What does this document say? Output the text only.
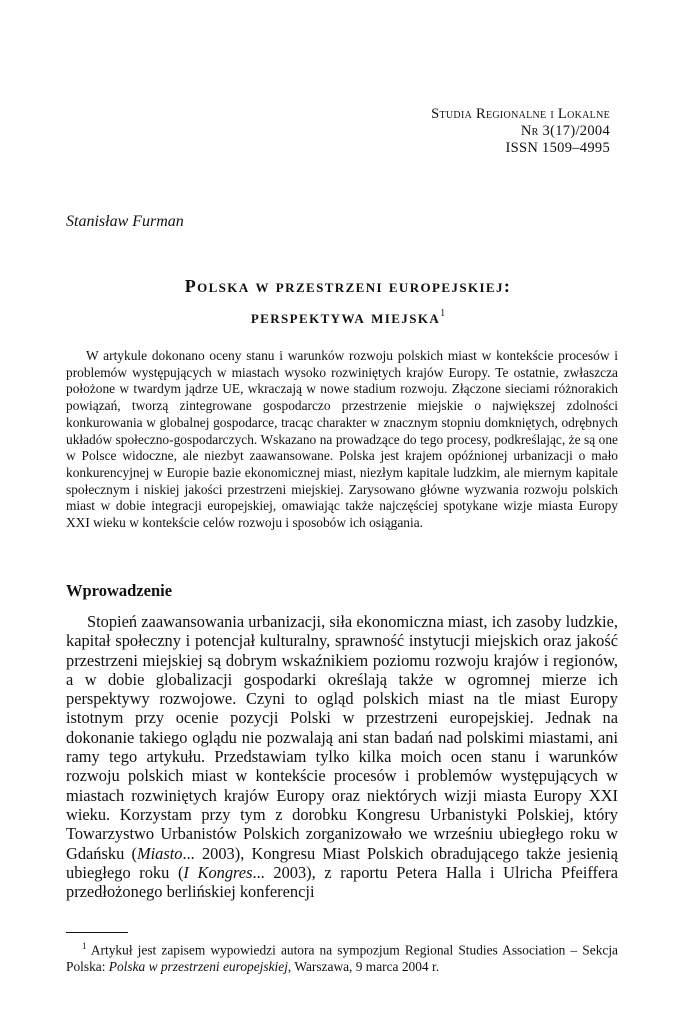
Studia Regionalne i Lokalne
Nr 3(17)/2004
ISSN 1509–4995
Stanisław Furman
Polska w przestrzeni europejskiej:
perspektywa miejska$^1$
W artykule dokonano oceny stanu i warunków rozwoju polskich miast w kontekście procesów i problemów występujących w miastach wysoko rozwiniętych krajów Europy. Te ostatnie, zwłaszcza położone w twardym jądrze UE, wkraczają w nowe stadium rozwoju. Złączone sieciami różnorakich powiązań, tworzą zintegrowane gospodarczo przestrzenie miejskie o największej zdolności konkurowania w globalnej gospodarce, tracąc charakter w znacznym stopniu domkniętych, odrębnych układów społeczno-gospodarczych. Wskazano na prowadzące do tego procesy, podkreślając, że są one w Polsce widoczne, ale niezbyt zaawansowane. Polska jest krajem opóźnionej urbanizacji o mało konkurencyjnej w Europie bazie ekonomicznej miast, niezłym kapitale ludzkim, ale miernym kapitale społecznym i niskiej jakości przestrzeni miejskiej. Zarysowano główne wyzwania rozwoju polskich miast w dobie integracji europejskiej, omawiając także najczęściej spotykane wizje miasta Europy XXI wieku w kontekście celów rozwoju i sposobów ich osiągania.
Wprowadzenie
Stopień zaawansowania urbanizacji, siła ekonomiczna miast, ich zasoby ludzkie, kapitał społeczny i potencjał kulturalny, sprawność instytucji miejskich oraz jakość przestrzeni miejskiej są dobrym wskaźnikiem poziomu rozwoju krajów i regionów, a w dobie globalizacji gospodarki określają także w ogromnej mierze ich perspektywy rozwojowe. Czyni to ogląd polskich miast na tle miast Europy istotnym przy ocenie pozycji Polski w przestrzeni europejskiej. Jednak na dokonanie takiego oglądu nie pozwalają ani stan badań nad polskimi miastami, ani ramy tego artykułu. Przedstawiam tylko kilka moich ocen stanu i warunków rozwoju polskich miast w kontekście procesów i problemów występujących w miastach rozwiniętych krajów Europy oraz niektórych wizji miasta Europy XXI wieku. Korzystam przy tym z dorobku Kongresu Urbanistyki Polskiej, który Towarzystwo Urbanistów Polskich zorganizowało we wrześniu ubiegłego roku w Gdańsku (Miasto... 2003), Kongresu Miast Polskich obradującego także jesienią ubiegłego roku (I Kongres... 2003), z raportu Petera Halla i Ulricha Pfeiffera przedłożonego berlińskiej konferencji
$^1$ Artykuł jest zapisem wypowiedzi autora na sympozjum Regional Studies Association – Sekcja Polska: Polska w przestrzeni europejskiej, Warszawa, 9 marca 2004 r.
